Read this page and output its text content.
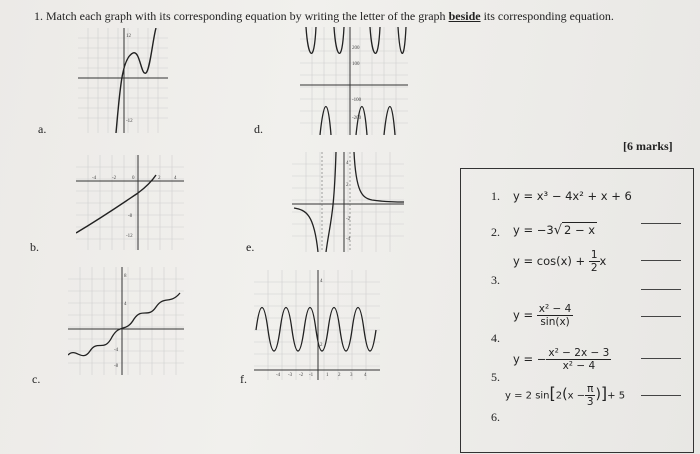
1. Match each graph with its corresponding equation by writing the letter of the graph beside its corresponding equation.
12
-12
a.
200
100
-100
-200
d.
[6 marks]
-4	-2	0	2	4
-8
-12
b.
4
2
-2
-4
e.
8
4
-4
-8
c.
4
2
-4 -3 -2 -1	1 2 3 4
f.
1. y = x³ − 4x² + x + 6
2. y = −3√ 2 − x
3.
$y = \cos(x) + \frac{1}{2}$ x
4.
$y = \frac{\text{x² − 4}}{\sin(x)}$
5.
y = − $\frac{\text{x² − 2x − 3}}{\text{x² − 4}}$
6.
y = 2 $\sin[2(x - \frac{\pi}{3}$ )]+ 5
